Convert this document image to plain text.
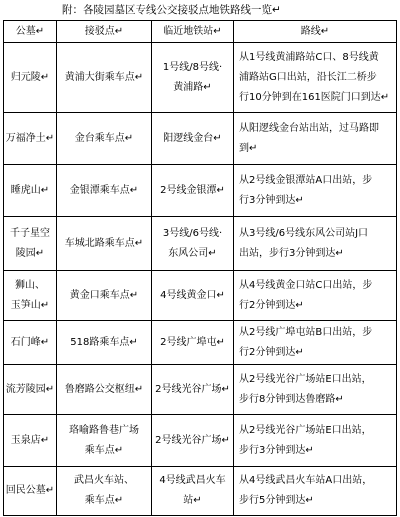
附：各陵园墓区专线公交接驳点地铁路线一览↵
公墓↵	接驳点↵	临近地铁站↵	路线↵

归元陵↵	黄浦大街乘车点↵	1号线/8号线·
黄浦路↵	从1号线黄浦路站C口、8号线黄
浦路站G口出站，沿长江二桥步
行10分钟到在161医院门口到达↵

万福净土↵	金台乘车点↵	阳逻线金台↵	从阳逻线金台站出站，过马路即
到↵

睡虎山↵	金银潭乘车点↵	2号线金银潭↵	从2号线金银潭站A口出站，步
行3分钟到达↵

千子星空
陵园↵	车城北路乘车点↵	3号线/6号线·
东风公司↵	从3号线/6号线东风公司站J口
出站，步行3分钟到达↵

狮山、
玉笋山↵	黄金口乘车点↵	4号线黄金口↵	从4号线黄金口站C口出站，步
行2分钟到达↵

石门峰↵	518路乘车点↵	2号线广埠屯↵	从2号线广埠屯站B口出站，步
行2分钟到达↵

流芳陵园↵	鲁磨路公交枢纽↵	2号线光谷广场↵	从2号线光谷广场站E口出站，
步行8分钟到达鲁磨路↵

玉泉店↵	珞喻路鲁巷广场
乘车点↵	2号线光谷广场↵	从2号线光谷广场站E口出站，
步行3分钟到达↵

回民公墓↵	武昌火车站、
乘车点↵	4号线武昌火车
站↵	从4号线武昌火车站A口出站，
步行5分钟到达↵
